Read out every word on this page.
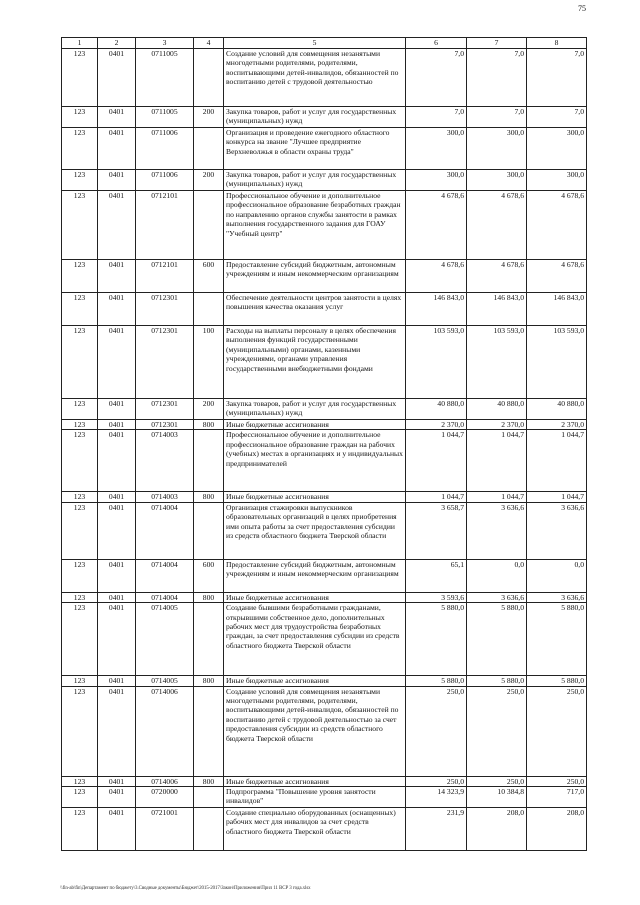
75
1	2	3	4	5	6	7	8
123	0401	0711005		Создание условий для совмещения незанятыми многодетными родителями, родителями, воспитывающими детей-инвалидов, обязанностей по воспитанию детей с трудовой деятельностью	7,0	7,0	7,0
123	0401	0711005	200	Закупка товаров, работ и услуг для государственных (муниципальных) нужд	7,0	7,0	7,0
123	0401	0711006		Организация и проведение ежегодного областного конкурса на звание "Лучшее предприятие Верхневолжья в области охраны труда"	300,0	300,0	300,0
123	0401	0711006	200	Закупка товаров, работ и услуг для государственных (муниципальных) нужд	300,0	300,0	300,0
123	0401	0712101		Профессиональное обучение и дополнительное профессиональное образование безработных граждан по направлению органов службы занятости в рамках выполнения государственного задания для ГОАУ "Учебный центр"	4 678,6	4 678,6	4 678,6
123	0401	0712101	600	Предоставление субсидий бюджетным, автономным учреждениям и иным некоммерческим организациям	4 678,6	4 678,6	4 678,6
123	0401	0712301		Обеспечение деятельности центров занятости в целях повышения качества оказания услуг	146 843,0	146 843,0	146 843,0
123	0401	0712301	100	Расходы на выплаты персоналу в целях обеспечения выполнения функций государственными (муниципальными) органами, казенными учреждениями, органами управления государственными внебюджетными фондами	103 593,0	103 593,0	103 593,0
123	0401	0712301	200	Закупка товаров, работ и услуг для государственных (муниципальных) нужд	40 880,0	40 880,0	40 880,0
123	0401	0712301	800	Иные бюджетные ассигнования	2 370,0	2 370,0	2 370,0
123	0401	0714003		Профессиональное обучение и дополнительное профессиональное образование граждан на рабочих (учебных) местах в организациях и у индивидуальных предпринимателей	1 044,7	1 044,7	1 044,7
123	0401	0714003	800	Иные бюджетные ассигнования	1 044,7	1 044,7	1 044,7
123	0401	0714004		Организация стажировки выпускников образовательных организаций в целях приобретения ими опыта работы за счет предоставления субсидии из средств областного бюджета Тверской области	3 658,7	3 636,6	3 636,6
123	0401	0714004	600	Предоставление субсидий бюджетным, автономным учреждениям и иным некоммерческим организациям	65,1	0,0	0,0
123	0401	0714004	800	Иные бюджетные ассигнования	3 593,6	3 636,6	3 636,6
123	0401	0714005		Создание бывшими безработными гражданами, открывшими собственное дело, дополнительных рабочих мест для трудоустройства безработных граждан, за счет предоставления субсидии из средств областного бюджета Тверской области	5 880,0	5 880,0	5 880,0
123	0401	0714005	800	Иные бюджетные ассигнования	5 880,0	5 880,0	5 880,0
123	0401	0714006		Создание условий для совмещения незанятыми многодетными родителями, родителями, воспитывающими детей-инвалидов, обязанностей по воспитанию детей с трудовой деятельностью за счет предоставления субсидии из средств областного бюджета Тверской области	250,0	250,0	250,0
123	0401	0714006	800	Иные бюджетные ассигнования	250,0	250,0	250,0
123	0401	0720000		Подпрограмма "Повышение уровня занятости инвалидов"	14 323,9	10 384,8	717,0
123	0401	0721001		Создание специально оборудованных (оснащенных) рабочих мест для инвалидов за счет средств областного бюджета Тверской области	231,9	208,0	208,0
\\fin-ab\fin\Департамент по бюджету\3.Сводные документы\Бюджет\2015-2017\Закон\Приложения\Прил 11 ВСР 3 года.xlsx
